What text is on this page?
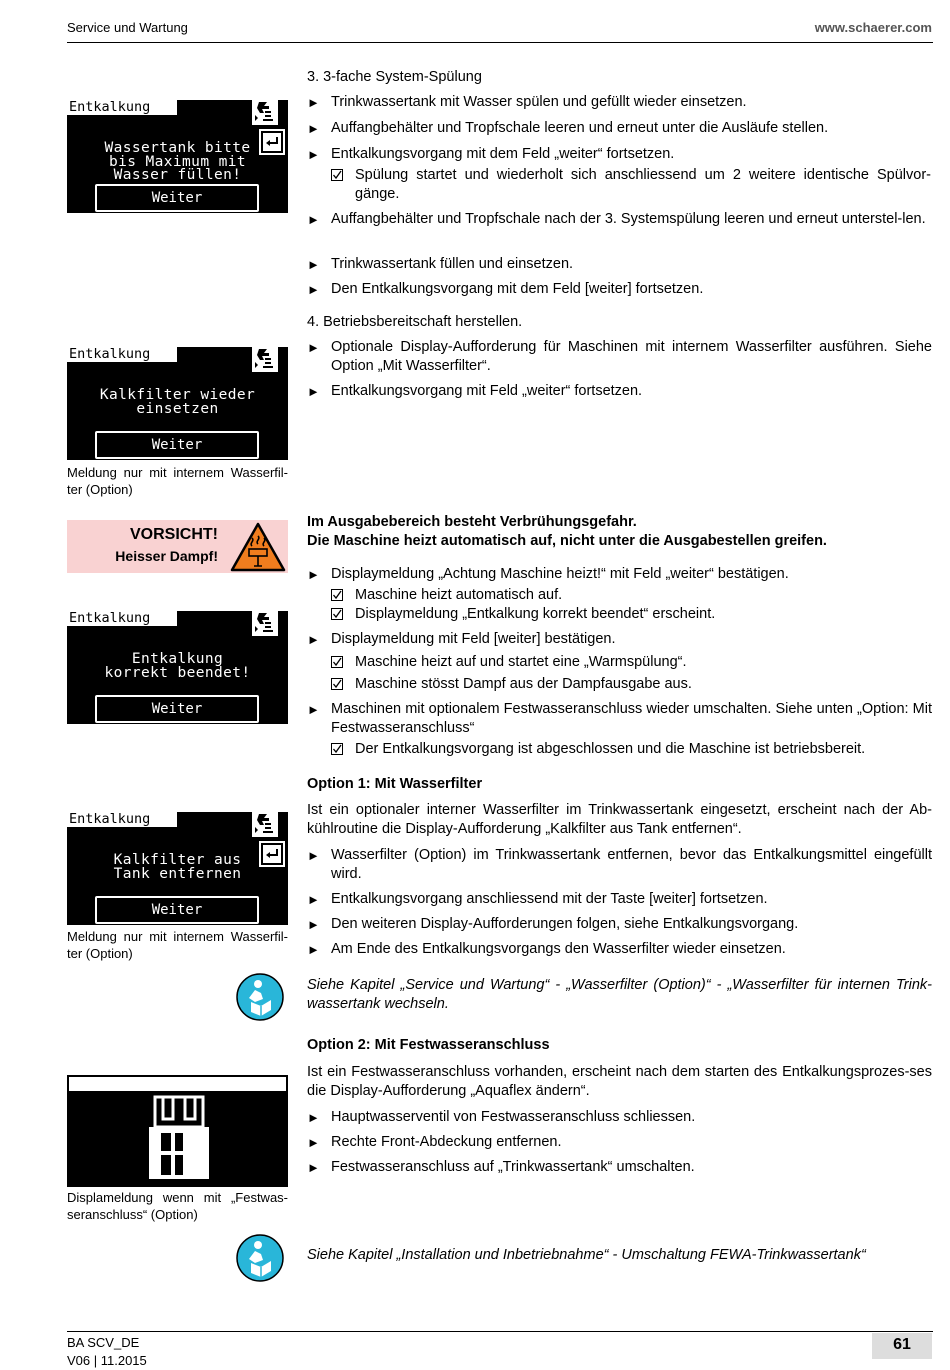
Service und Wartung	www.schaerer.com
Entkalkung
Wassertank bitte
bis Maximum mit
Wasser füllen!
Weiter
Entkalkung
Kalkfilter wieder
einsetzen
Weiter
Meldung nur mit internem Wasserfil-ter (Option)
VORSICHT!
Heisser Dampf!
Entkalkung
Entkalkung
korrekt beendet!
Weiter
Entkalkung
Kalkfilter aus
Tank entfernen
Weiter
Meldung nur mit internem Wasserfil-ter (Option)
Displameldung wenn mit „Festwas-seranschluss“ (Option)
3. 3-fache System-Spülung
► Trinkwassertank mit Wasser spülen und gefüllt wieder einsetzen.
► Auffangbehälter und Tropfschale leeren und erneut unter die Ausläufe stellen.
► Entkalkungsvorgang mit dem Feld „weiter“ fortsetzen.
Spülung startet und wiederholt sich anschliessend um 2 weitere identische Spülvor-gänge.
► Auffangbehälter und Tropfschale nach der 3. Systemspülung leeren und erneut unterstel-len.
► Trinkwassertank füllen und einsetzen.
► Den Entkalkungsvorgang mit dem Feld [weiter] fortsetzen.
4. Betriebsbereitschaft herstellen.
► Optionale Display-Aufforderung für Maschinen mit internem Wasserfilter ausführen. Siehe Option „Mit Wasserfilter“.
► Entkalkungsvorgang mit Feld „weiter“ fortsetzen.
Im Ausgabebereich besteht Verbrühungsgefahr.
Die Maschine heizt automatisch auf, nicht unter die Ausgabestellen greifen.
► Displaymeldung „Achtung Maschine heizt!“ mit Feld „weiter“ bestätigen.
Maschine heizt automatisch auf.
Displaymeldung „Entkalkung korrekt beendet“ erscheint.
► Displaymeldung mit Feld [weiter] bestätigen.
Maschine heizt auf und startet eine „Warmspülung“.
Maschine stösst Dampf aus der Dampfausgabe aus.
► Maschinen mit optionalem Festwasseranschluss wieder umschalten. Siehe unten „Option: Mit Festwasseranschluss“
Der Entkalkungsvorgang ist abgeschlossen und die Maschine ist betriebsbereit.
Option 1: Mit Wasserfilter
Ist ein optionaler interner Wasserfilter im Trinkwassertank eingesetzt, erscheint nach der Ab-kühlroutine die Display-Aufforderung „Kalkfilter aus Tank entfernen“.
► Wasserfilter (Option) im Trinkwassertank entfernen, bevor das Entkalkungsmittel eingefüllt wird.
► Entkalkungsvorgang anschliessend mit der Taste [weiter] fortsetzen.
► Den weiteren Display-Aufforderungen folgen, siehe Entkalkungsvorgang.
► Am Ende des Entkalkungsvorgangs den Wasserfilter wieder einsetzen.
Siehe Kapitel „Service und Wartung“ - „Wasserfilter (Option)“ - „Wasserfilter für internen Trink-wassertank wechseln.
Option 2: Mit Festwasseranschluss
Ist ein Festwasseranschluss vorhanden, erscheint nach dem starten des Entkalkungsprozes-ses die Display-Aufforderung „Aquaflex ändern“.
► Hauptwasserventil von Festwasseranschluss schliessen.
► Rechte Front-Abdeckung entfernen.
► Festwasseranschluss auf „Trinkwassertank“ umschalten.
Siehe Kapitel „Installation und Inbetriebnahme“ - Umschaltung FEWA-Trinkwassertank“
BA SCV_DE
V06 | 11.2015
61
